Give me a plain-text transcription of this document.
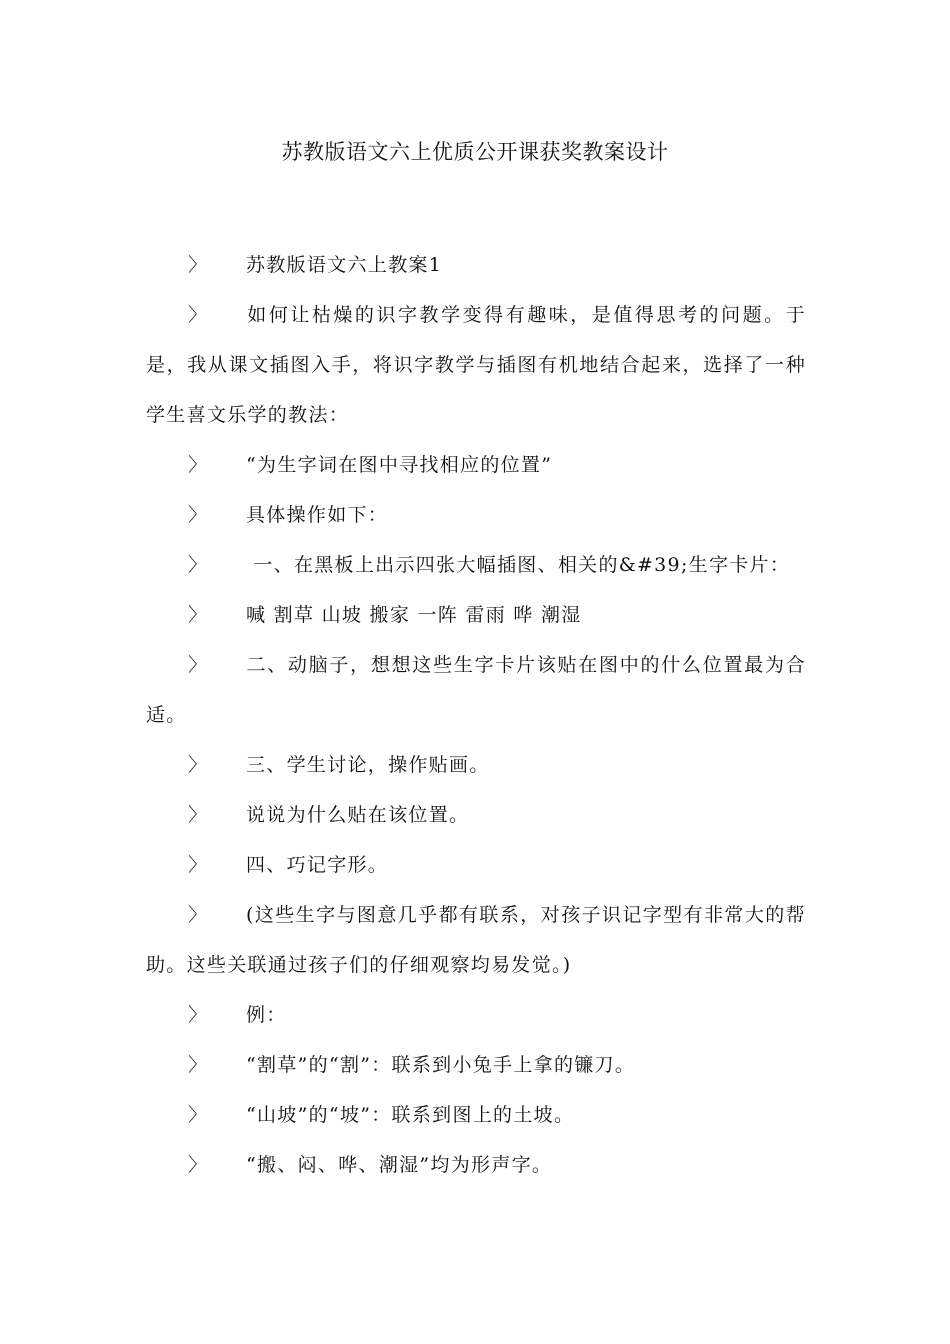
苏教版语文六上优质公开课获奖教案设计

〉 苏教版语文六上教案1

〉 如何让枯燥的识字教学变得有趣味，是值得思考的问题。于是，我从课文插图入手，将识字教学与插图有机地结合起来，选择了一种学生喜文乐学的教法：

〉 “为生字词在图中寻找相应的位置”

〉 具体操作如下：

〉 一、在黑板上出示四张大幅插图、相关的&#39;生字卡片：

〉 喊 割草 山坡 搬家 一阵 雷雨 哗 潮湿

〉 二、动脑子，想想这些生字卡片该贴在图中的什么位置最为合适。

〉 三、学生讨论，操作贴画。

〉 说说为什么贴在该位置。

〉 四、巧记字形。

〉 (这些生字与图意几乎都有联系，对孩子识记字型有非常大的帮助。这些关联通过孩子们的仔细观察均易发觉。)

〉 例：

〉 “割草”的“割”：联系到小兔手上拿的镰刀。

〉 “山坡”的“坡”：联系到图上的土坡。

〉 “搬、闷、哗、潮湿”均为形声字。
